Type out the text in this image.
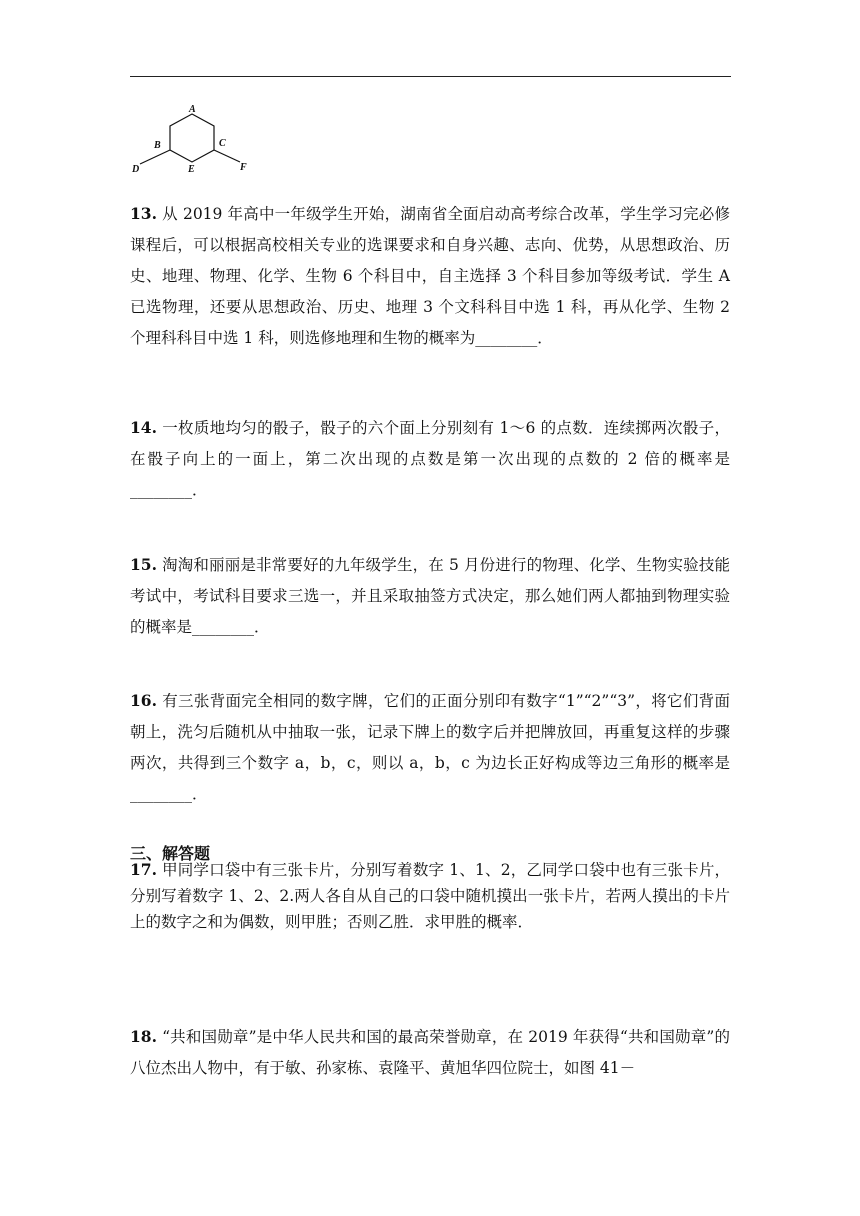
A
B	C
D	E	F
13. 从 2019 年高中一年级学生开始，湖南省全面启动高考综合改革，学生学习完必修课程后，可以根据高校相关专业的选课要求和自身兴趣、志向、优势，从思想政治、历史、地理、物理、化学、生物 6 个科目中，自主选择 3 个科目参加等级考试．学生 A 已选物理，还要从思想政治、历史、地理 3 个文科科目中选 1 科，再从化学、生物 2 个理科科目中选 1 科，则选修地理和生物的概率为________．
14. 一枚质地均匀的骰子，骰子的六个面上分别刻有 1～6 的点数．连续掷两次骰子，在骰子向上的一面上，第二次出现的点数是第一次出现的点数的 2 倍的概率是________．
15. 淘淘和丽丽是非常要好的九年级学生，在 5 月份进行的物理、化学、生物实验技能考试中，考试科目要求三选一，并且采取抽签方式决定，那么她们两人都抽到物理实验的概率是________．
16. 有三张背面完全相同的数字牌，它们的正面分别印有数字“1”“2”“3”，将它们背面朝上，洗匀后随机从中抽取一张，记录下牌上的数字后并把牌放回，再重复这样的步骤两次，共得到三个数字 a，b，c，则以 a，b，c 为边长正好构成等边三角形的概率是________．
三、解答题
17. 甲同学口袋中有三张卡片，分别写着数字 1、1、2，乙同学口袋中也有三张卡片，分别写着数字 1、2、2.两人各自从自己的口袋中随机摸出一张卡片，若两人摸出的卡片上的数字之和为偶数，则甲胜；否则乙胜．求甲胜的概率．
18. “共和国勋章”是中华人民共和国的最高荣誉勋章，在 2019 年获得“共和国勋章”的八位杰出人物中，有于敏、孙家栋、袁隆平、黄旭华四位院士，如图 41－
